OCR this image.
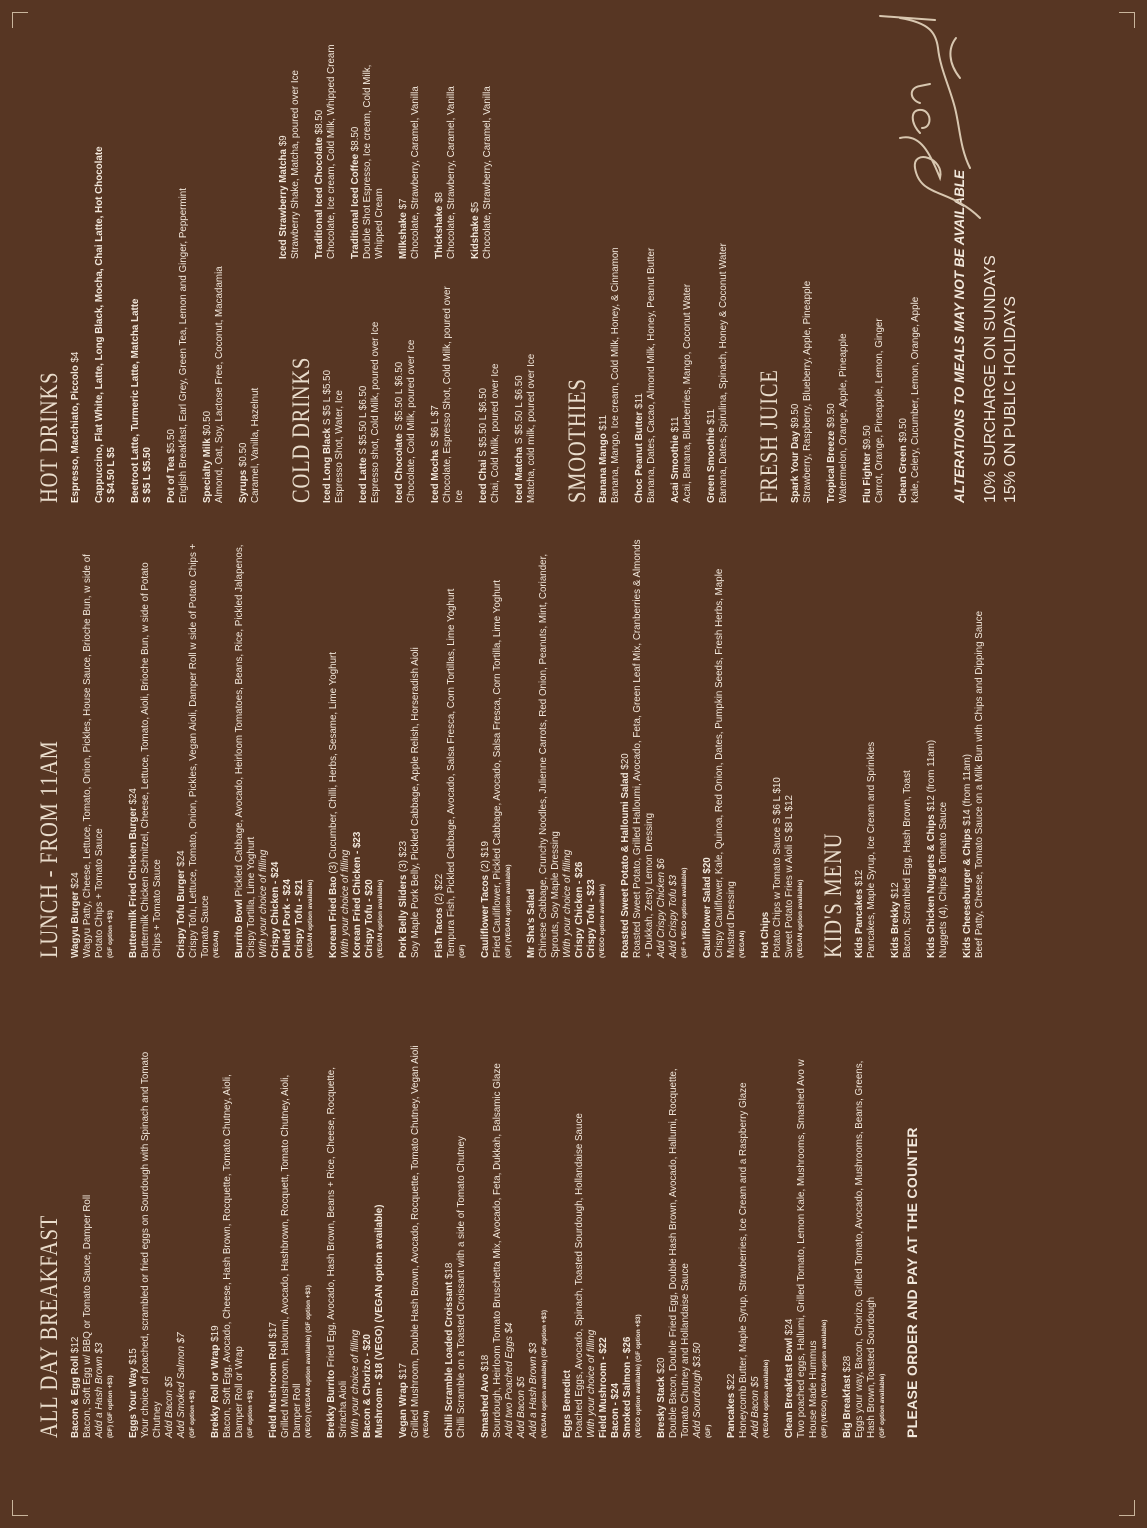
ALL DAY BREAKFAST Bacon & Egg Roll $12 Bacon, Soft Egg w/ BBQ or Tomato Sauce, Damper Roll Add a Hash Brown $3 (DF) (GF option +$3) Eggs Your Way $15 Your choice of poached, scrambled or fried eggs on Sourdough with Spinach and Tomato Chutney Add Bacon $5 Add Smoked Salmon $7 (GF option +$3) Brekky Roll or Wrap $19 Bacon, Soft Egg, Avocado, Cheese, Hash Brown, Rocquette, Tomato Chutney, Aioli, Damper Roll or Wrap (GF option +$3) Field Mushroom Roll $17 Grilled Mushroom, Haloumi, Avocado, Hashbrown, Rocquett, Tomato Chutney, Aioli, Damper Roll (VEGO) (VEGAN option available) (GF option +$3) Brekky Burrito Fried Egg, Avocado, Hash Brown, Beans + Rice, Cheese, Rocquette, Sriracha Aioli With your choice of filling Bacon & Chorizo - $20 Mushroom - $18 (VEGO) (VEGAN option available) Vegan Wrap $17 Grilled Mushroom, Double Hash Brown, Avocado, Rocquette, Tomato Chutney, Vegan Aioli (VEGAN) Chilli Scramble Loaded Croissant $18 Chilli Scramble on a Toasted Croissant with a side of Tomato Chutney Smashed Avo $18 Sourdough, Heirloom Tomato Bruschetta Mix, Avocado, Feta, Dukkah, Balsamic Glaze Add two Poached Eggs $4 Add Bacon $5 Add a Hash Brown $3 (VEGAN option available) (GF option +$3) Eggs Benedict Poached Eggs, Avocado, Spinach, Toasted Sourdough, Hollandaise Sauce With your choice of filling Field Mushroom - $22 Bacon - $24 Smoked Salmon - $26 (VEGO option available) (GF option +$3) Bresky Stack $20 Double Bacon, Double Fried Egg, Double Hash Brown, Avocado, Hallumi, Rocquette, Tomato Chutney and Hollandaise Sauce Add Sourdough $3.50 (GF) Pancakes $22 Honeycomb Butter, Maple Syrup, Strawberries, Ice Cream and a Raspberry Glaze Add Bacon $5 (VEGAN option available) Clean Breakfast Bowl $24 Two poached eggs, Hallumi, Grilled Tomato, Lemon Kale, Mushrooms, Smashed Avo w House Made Hummus (GF) (VEGO) (VEGAN option available) Big Breakfast $28 Eggs your way, Bacon, Chorizo, Grilled Tomato, Avocado, Mushrooms, Beans, Greens, Hash Brown,Toasted Sourdough (GF option available) PLEASE ORDER AND PAY AT THE COUNTER
LUNCH - FROM 11AM Wagyu Burger $24 Wagyu Patty, Cheese, Lettuce, Tomato, Onion, Pickles, House Sauce, Brioche Bun, w side of Potato Chips + Tomato Sauce (GF option +$3) Buttermilk Fried Chicken Burger $24 Buttermilk Chicken Schnitzel, Cheese, Lettuce, Tomato, Aioli, Brioche Bun, w side of Potato Chips + Tomato Sauce Crispy Tofu Burger $24 Crispy Tofu, Lettuce, Tomato, Onion, Pickles, Vegan Aioli, Damper Roll w side of Potato Chips + Tomato Sauce (VEGAN) Burrito Bowl Pickled Cabbage, Avocado, Heirloom Tomatoes, Beans, Rice, Pickled Jalapenos, Crispy Tortilla, Lime Yoghurt With your choice of filling Crispy Chicken - $24 Pulled Pork - $24 Crispy Tofu - $21 (VEGAN option available) Korean Fried Bao (3) Cucumber, Chilli, Herbs, Sesame, Lime Yoghurt
With your choice of filling Korean Fried Chicken - $23 Crispy Tofu - $20 (VEGAN option available) Pork Belly Sliders (3) $23 Soy Maple Pork Belly, Pickled Cabbage, Apple Relish, Horseradish Aioli Fish Tacos (2) $22 Tempura Fish, Pickled Cabbage, Avocado, Salsa Fresca, Corn Tortillas, Lime Yoghurt (GF) Cauliflower Tacos (2) $19 Fried Cauliflower, Pickled Cabbage, Avocado, Salsa Fresca, Corn Tortilla, Lime Yoghurt (GF) (VEGAN option available) Mr Sha's Salad Chinese Cabbage, Crunchy Noodles, Julienne Carrots, Red Onion, Peanuts, Mint, Coriander, Sprouts, Soy Maple Dressing With your choice of filling Crispy Chicken - $26 Crispy Tofu - $23 (VEGO option available) Roasted Sweet Potato & Halloumi Salad $20 Roasted Sweet Potato, Grilled Halloumi, Avocado, Feta, Green Leaf Mix, Cranberries & Almonds + Dukkah, Zesty Lemon Dressing Add Crispy Chicken $6 Add Crispy Tofu $3 (GF + VEGO option available) Cauliflower Salad $20 Crispy Cauliflower, Kale, Quinoa, Red Onion, Dates, Pumpkin Seeds, Fresh Herbs, Maple Mustard Dressing (VEGAN) Hot Chips Potato Chips w Tomato Sauce S $6 L $10 Sweet Potato Fries w Aioli S $8 L $12 (VEGAN option available) KID'S MENU Kids Pancakes $12 Pancakes, Maple Syrup, Ice Cream and Sprinkles Kids Brekky $12 Bacon, Scrambled Egg, Hash Brown, Toast Kids Chicken Nuggets & Chips $12 (from 11am)
Nuggets (4), Chips & Tomato Sauce Kids Cheeseburger & Chips $14 (from 11am) Beef Patty, Cheese, Tomato Sauce on a Milk Bun with Chips and Dipping Sauce
HOT DRINKS Espresso, Macchiato, Piccolo $4 Cappuccino, Flat White, Latte, Long Black, Mocha, Chai Latte, Hot Chocolate S $4.50 L $5 Beetroot Latte, Turmeric Latte, Matcha Latte S $5 L $5.50 Pot of Tea $5.50 English Breakfast, Earl Grey, Green Tea, Lemon and Ginger, Peppermint Specialty Milk $0.50 Almond, Oat, Soy, Lactose Free, Coconut, Macadamia Syrups $0.50 Caramel, Vanilla, Hazelnut COLD DRINKS Iced Long Black S $5 L $5.50 Espresso Shot, Water, Ice Iced Latte S $5.50 L $6.50 Espresso shot, Cold Milk, poured over Ice Iced Chocolate S $5.50 L $6.50 Chocolate, Cold Milk, poured over Ice Iced Mocha S $6 L $7 Chocolate, Espresso Shot, Cold Milk, poured over Ice Iced Chai S $5.50 L $6.50 Chai, Cold Milk, poured over Ice Iced Matcha S $5.50 L $6.50 Matcha, cold milk, poured over Ice
Iced Strawberry Matcha $9 Strawberry Shake, Matcha, poured over Ice Traditional Iced Chocolate $8.50 Chocolate, Ice cream, Cold Milk, Whipped Cream Traditional Iced Coffee $8.50 Double Shot Espresso, Ice cream, Cold Milk, Whipped Cream Milkshake $7 Chocolate, Strawberry, Caramel, Vanilla Thickshake $8 Chocolate, Strawberry, Caramel, Vanilla Kidshake $5 Chocolate, Strawberry, Caramel, Vanilla
SMOOTHIES Banana Mango $11 Banana, Mango, Ice cream, Cold Milk, Honey, & Cinnamon Choc Peanut Butter $11 Banana, Dates, Cacao, Almond Milk, Honey, Peanut Butter Acai Smoothie $11 Acai, Banana, Blueberries, Mango, Coconut Water Green Smoothie $11 Banana, Dates, Spirulina, Spinach, Honey & Coconut Water FRESH JUICE Spark Your Day $9.50 Strawberry, Raspberry, Blueberry, Apple, Pineapple Tropical Breeze $9.50 Watermelon, Orange, Apple, Pineapple Flu Fighter $9.50 Carrot, Orange, Pineapple, Lemon, Ginger Clean Green $9.50 Kale, Celery, Cucumber, Lemon, Orange, Apple ALTERATIONS TO MEALS MAY NOT BE AVAILABLE 10% SURCHARGE ON SUNDAYS 15% ON PUBLIC HOLIDAYS
